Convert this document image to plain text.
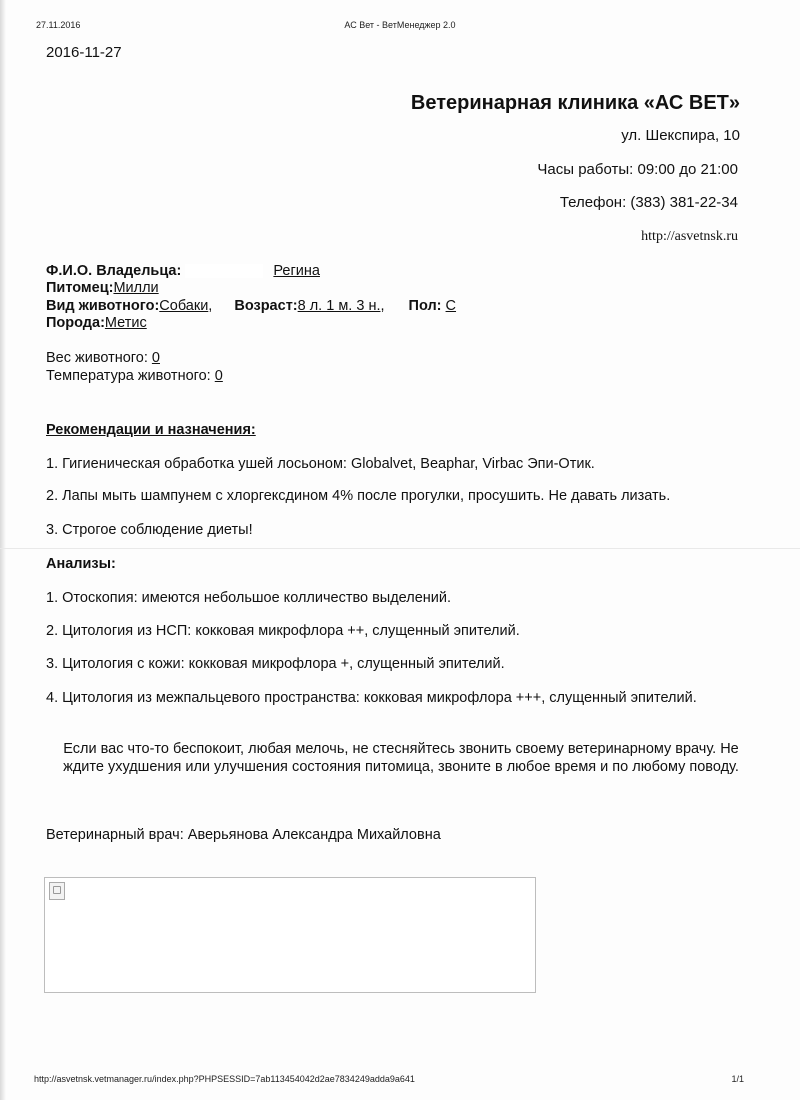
27.11.2016	АС Вет - ВетМенеджер 2.0
2016-11-27
Ветеринарная клиника «АС ВЕТ»
ул. Шекспира, 10
Часы работы: 09:00 до 21:00
Телефон: (383) 381-22-34
http://asvetnsk.ru
Ф.И.О. Владельца:	Регина
Питомец:Милли
Вид животного:Собаки, Возраст:8 л. 1 м. 3 н., Пол: С
Порода:Метис
Вес животного: 0
Температура животного: 0
Рекомендации и назначения:
1. Гигиеническая обработка ушей лосьоном: Globalvet, Beaphar, Virbac Эпи-Отик.
2. Лапы мыть шампунем с хлоргексдином 4% после прогулки, просушить. Не давать лизать.
3. Строгое соблюдение диеты!
Анализы:
1. Отоскопия: имеются небольшое колличество выделений.
2. Цитология из НСП: кокковая микрофлора ++, слущенный эпителий.
3. Цитология с кожи: кокковая микрофлора +, слущенный эпителий.
4. Цитология из межпальцевого пространства: кокковая микрофлора +++, слущенный эпителий.
Если вас что-то беспокоит, любая мелочь, не стесняйтесь звонить своему ветеринарному врачу. Не ждите ухудшения или улучшения состояния питомица, звоните в любое время и по любому поводу.
Ветеринарный врач: Аверьянова Александра Михайловна
http://asvetnsk.vetmanager.ru/index.php?PHPSESSID=7ab113454042d2ae7834249adda9a641	1/1
